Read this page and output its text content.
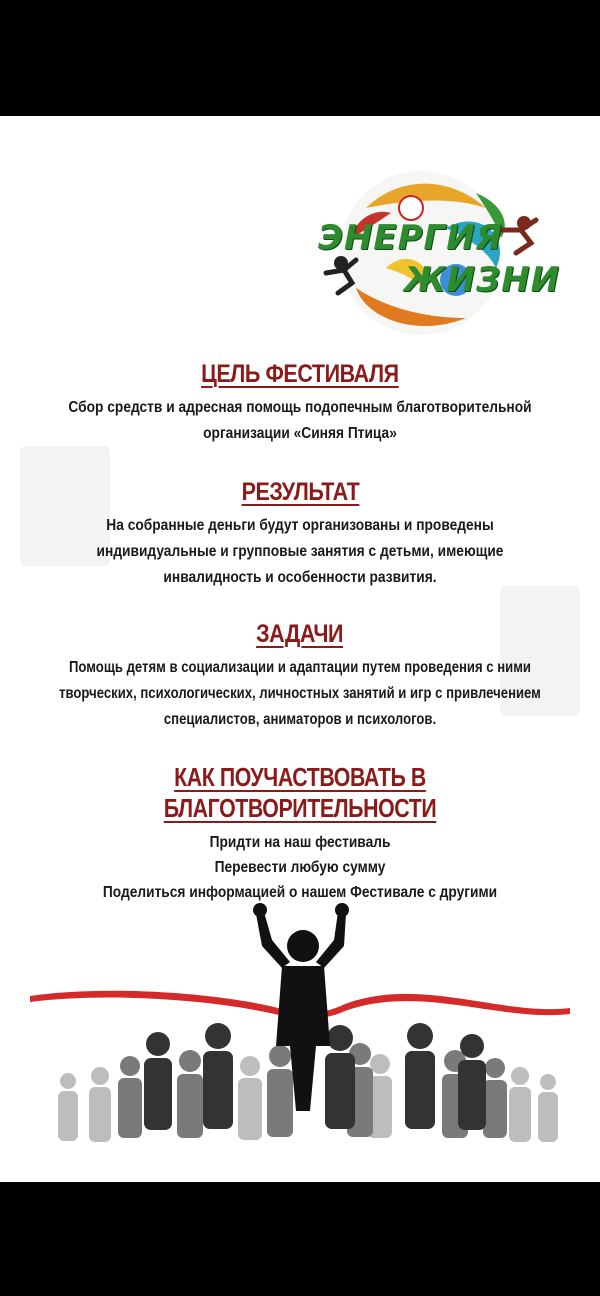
ЭНЕРГИЯ
ЖИЗНИ
ЦЕЛЬ ФЕСТИВАЛЯ
Сбор средств и адресная помощь подопечным благотворительной
организации «Синяя Птица»
РЕЗУЛЬТАТ
На собранные деньги будут организованы и проведены
индивидуальные и групповые занятия с детьми, имеющие
инвалидность и особенности развития.
ЗАДАЧИ
Помощь детям в социализации и адаптации путем проведения с ними
творческих, психологических, личностных занятий и игр с привлечением
специалистов, аниматоров и психологов.
КАК ПОУЧАСТВОВАТЬ В БЛАГОТВОРИТЕЛЬНОСТИ
Придти на наш фестиваль
Перевести любую сумму
Поделиться информацией о нашем Фестивале с другими
